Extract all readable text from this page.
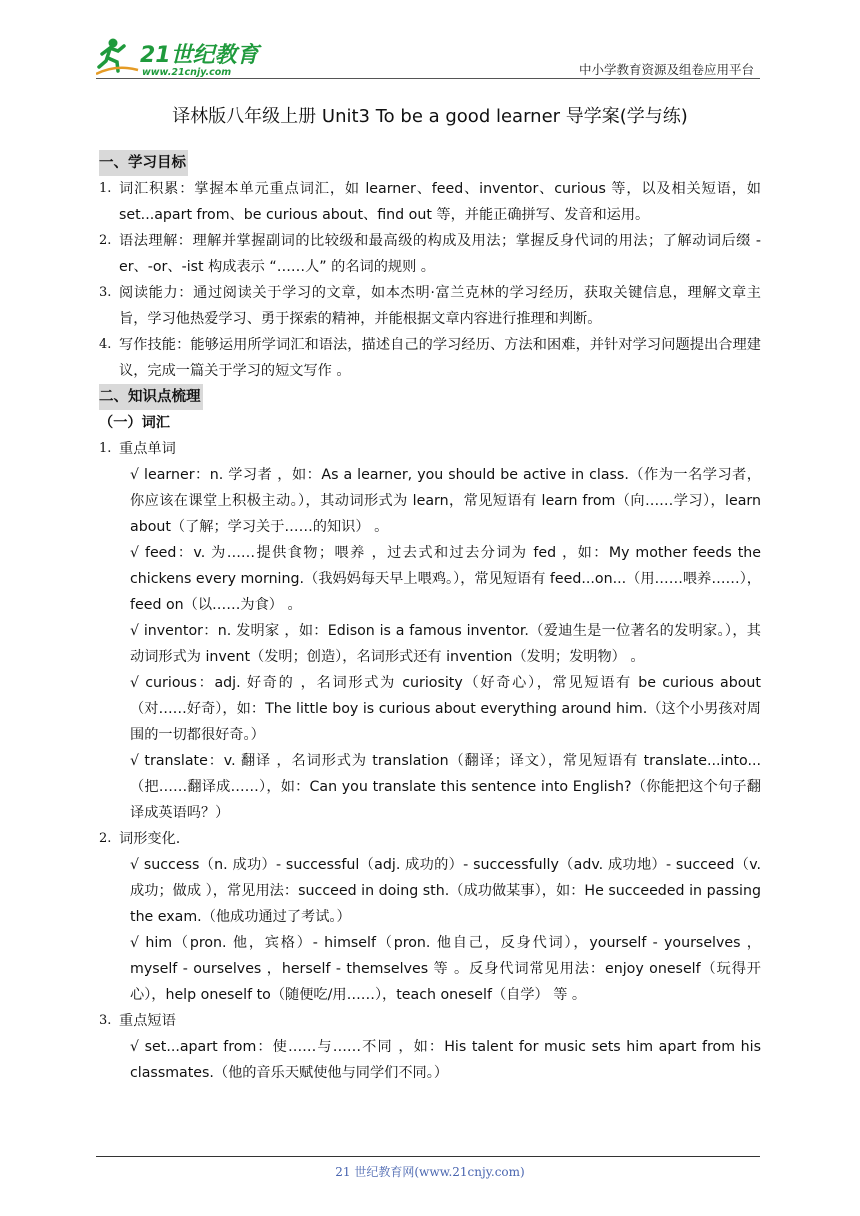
21世纪教育
www.21cnjy.com	中小学教育资源及组卷应用平台
译林版八年级上册 Unit3 To be a good learner 导学案(学与练)
一、学习目标
1. 词汇积累：掌握本单元重点词汇，如 learner、feed、inventor、curious 等，以及相关短语，如 set...apart from、be curious about、find out 等，并能正确拼写、发音和运用。
2. 语法理解：理解并掌握副词的比较级和最高级的构成及用法；掌握反身代词的用法；了解动词后缀 -er、-or、-ist 构成表示 “……人” 的名词的规则 。
3. 阅读能力：通过阅读关于学习的文章，如本杰明·富兰克林的学习经历，获取关键信息，理解文章主旨，学习他热爱学习、勇于探索的精神，并能根据文章内容进行推理和判断。
4. 写作技能：能够运用所学词汇和语法，描述自己的学习经历、方法和困难，并针对学习问题提出合理建议，完成一篇关于学习的短文写作 。
二、知识点梳理
（一）词汇
1. 重点单词
√ learner：n. 学习者 ，如：As a learner, you should be active in class.（作为一名学习者，你应该在课堂上积极主动。），其动词形式为 learn，常见短语有 learn from（向……学习），learn about（了解；学习关于……的知识） 。
√ feed：v. 为……提供食物；喂养 ，过去式和过去分词为 fed ，如：My mother feeds the chickens every morning.（我妈妈每天早上喂鸡。），常见短语有 feed...on...（用……喂养……），feed on（以……为食） 。
√ inventor：n. 发明家 ，如：Edison is a famous inventor.（爱迪生是一位著名的发明家。），其动词形式为 invent（发明；创造），名词形式还有 invention（发明；发明物） 。
√ curious：adj. 好奇的 ，名词形式为 curiosity（好奇心），常见短语有 be curious about（对……好奇），如：The little boy is curious about everything around him.（这个小男孩对周围的一切都很好奇。）
√ translate：v. 翻译 ，名词形式为 translation（翻译；译文），常见短语有 translate...into...（把……翻译成……），如：Can you translate this sentence into English?（你能把这个句子翻译成英语吗？）
2. 词形变化.
√ success（n. 成功）- successful（adj. 成功的）- successfully（adv. 成功地）- succeed（v. 成功；做成 ），常见用法：succeed in doing sth.（成功做某事），如：He succeeded in passing the exam.（他成功通过了考试。）
√ him（pron. 他，宾格）- himself（pron. 他自己，反身代词），yourself - yourselves ，myself - ourselves ，herself - themselves 等 。反身代词常见用法：enjoy oneself（玩得开心），help oneself to（随便吃/用……），teach oneself（自学） 等 。
3. 重点短语
√ set...apart from：使……与……不同 ，如：His talent for music sets him apart from his classmates.（他的音乐天赋使他与同学们不同。）
21 世纪教育网(www.21cnjy.com)
